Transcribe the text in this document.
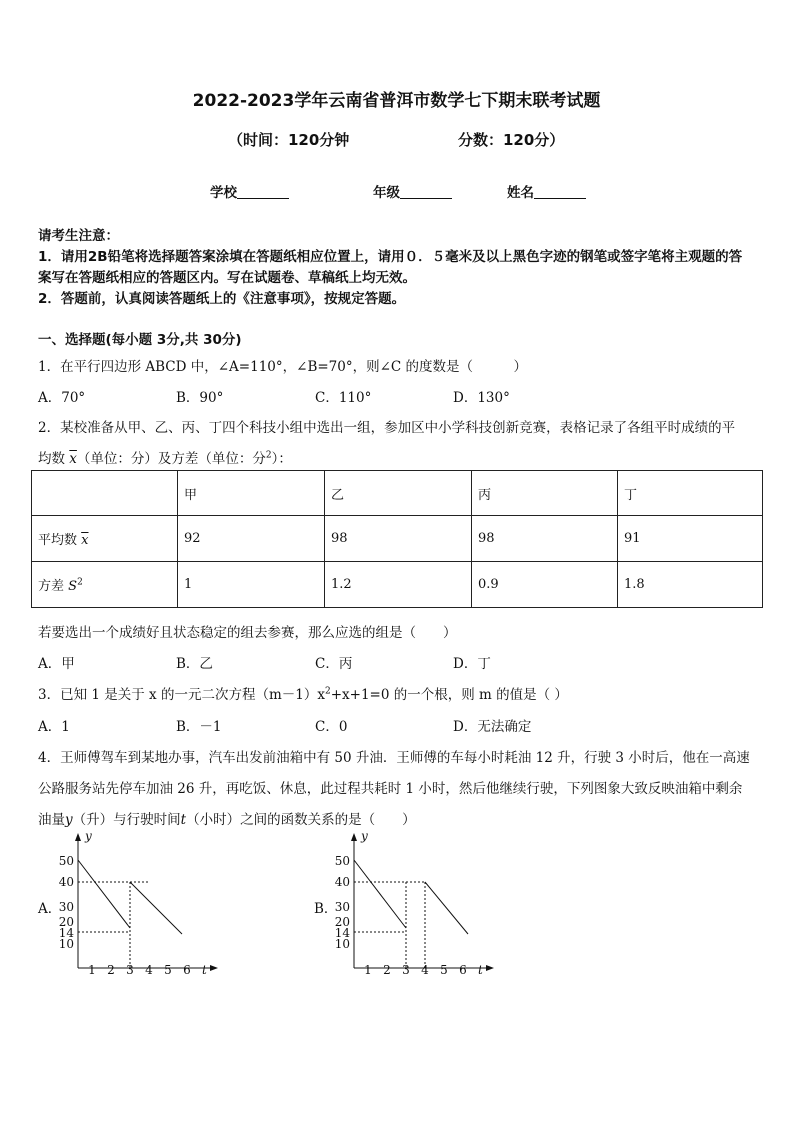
2022-2023学年云南省普洱市数学七下期末联考试题
（时间：120分钟	分数：120分）
学校	年级	姓名
请考生注意：
1．请用2B铅笔将选择题答案涂填在答题纸相应位置上，请用０．５毫米及以上黑色字迹的钢笔或签字笔将主观题的答
案写在答题纸相应的答题区内。写在试题卷、草稿纸上均无效。
2．答题前，认真阅读答题纸上的《注意事项》，按规定答题。
一、选择题(每小题 3分,共 30分)
1．在平行四边形 ABCD 中，∠A=110°，∠B=70°，则∠C 的度数是（　　　）
A．70°	B．90°	C．110°	D．130°
2．某校准备从甲、乙、丙、丁四个科技小组中选出一组，参加区中小学科技创新竞赛，表格记录了各组平时成绩的平
均数 $\overline{x}$（单位：分）及方差（单位：分$^2$）：
	甲	乙	丙	丁
平均数 $\overline{x}$	92	98	98	91
方差 $S^2$	1	1.2	0.9	1.8
若要选出一个成绩好且状态稳定的组去参赛，那么应选的组是（　　）
A．甲	B．乙	C．丙	D．丁
3．已知 1 是关于 x 的一元二次方程$(m-1)x^2+x+1=0$ 的一个根，则 m 的值是（ ）
A．1	B．－1	C．0	D．无法确定
4．王师傅驾车到某地办事，汽车出发前油箱中有 50 升油．王师傅的车每小时耗油 12 升，行驶 3 小时后，他在一高速
公路服务站先停车加油 26 升，再吃饭、休息，此过程共耗时 1 小时，然后他继续行驶，下列图象大致反映油箱中剩余
油量y（升）与行驶时间t（小时）之间的函数关系的是（　　）
A．
y
t
50
40
30
20
14
10
1 2 3 4 5 6
B．
y
t
50
40
30
20
14
10
1 2 3 4 5 6
